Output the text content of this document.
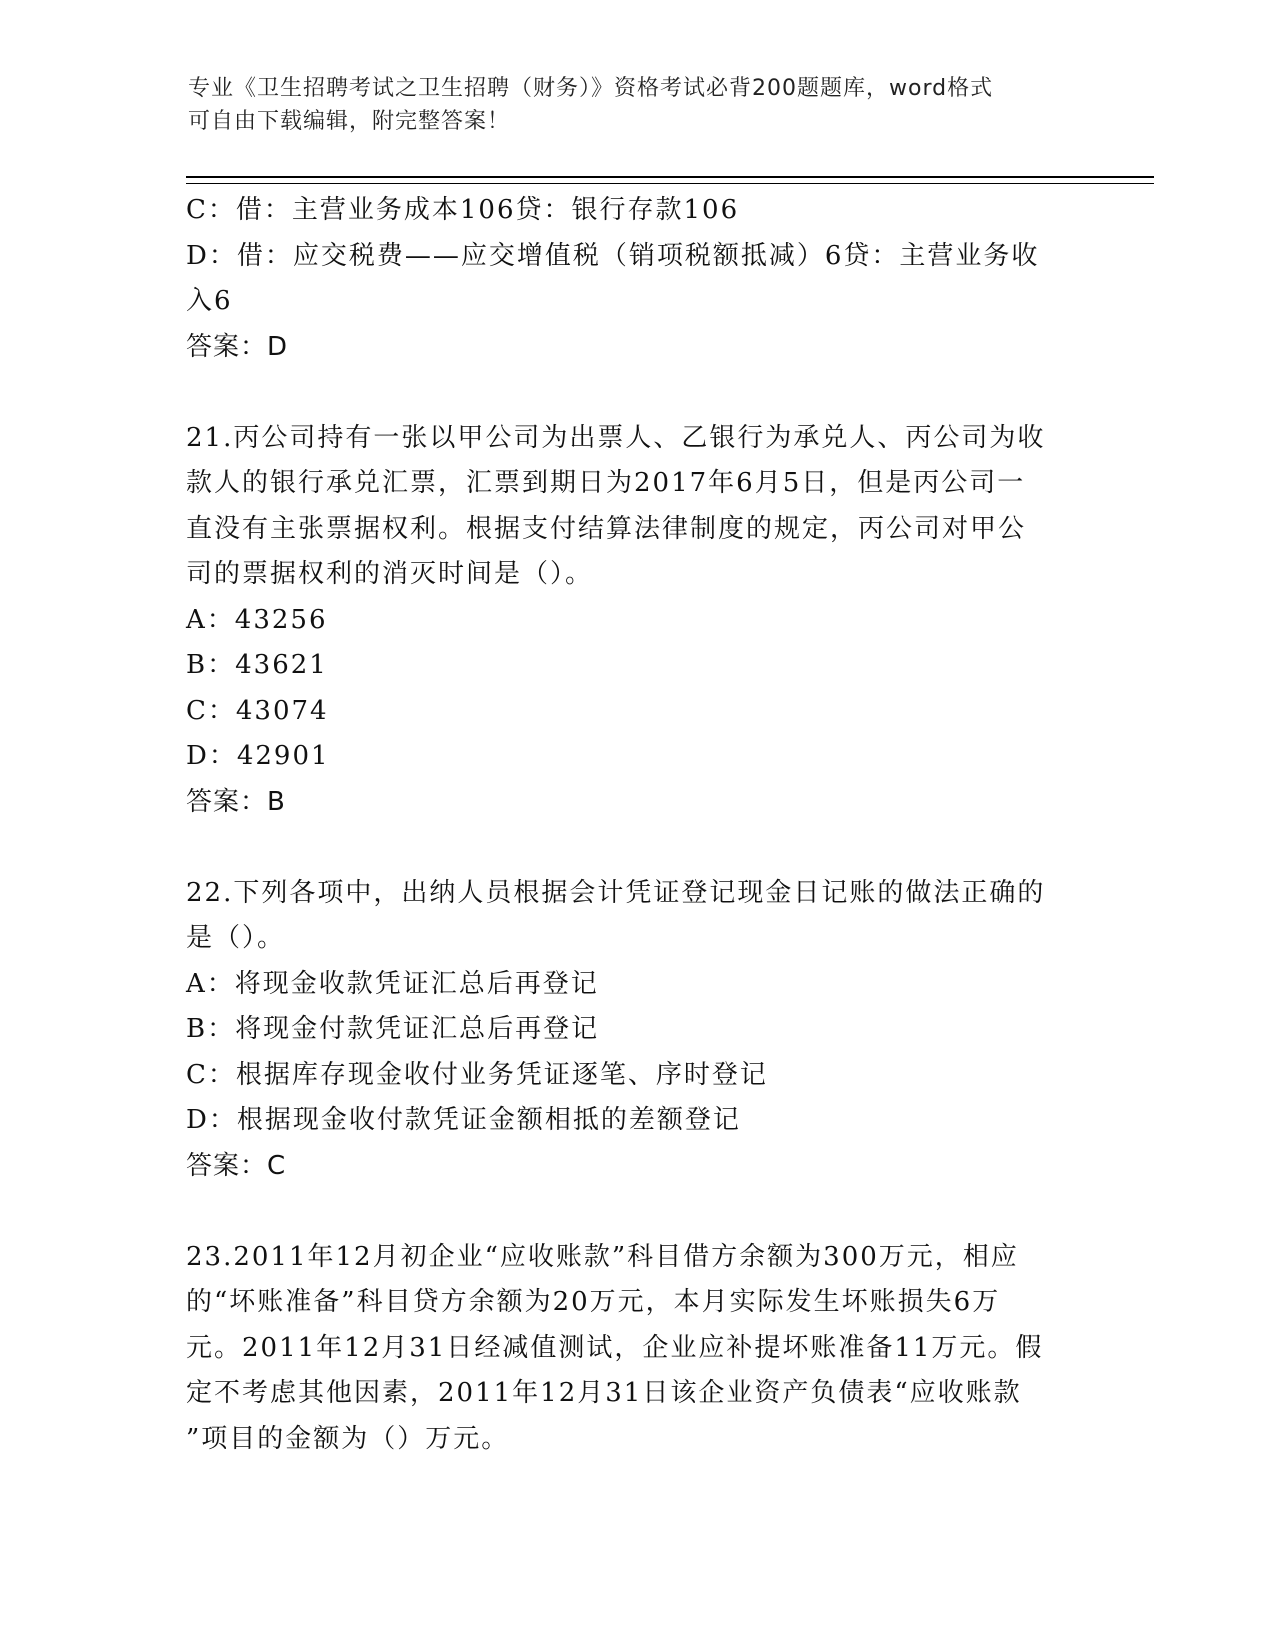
专业《卫生招聘考试之卫生招聘（财务）》资格考试必背200题题库，word格式
可自由下载编辑，附完整答案！
C：借：主营业务成本106贷：银行存款106
D：借：应交税费——应交增值税（销项税额抵减）6贷：主营业务收
入6
答案：D
21.丙公司持有一张以甲公司为出票人、乙银行为承兑人、丙公司为收
款人的银行承兑汇票，汇票到期日为2017年6月5日，但是丙公司一
直没有主张票据权利。根据支付结算法律制度的规定，丙公司对甲公
司的票据权利的消灭时间是（）。
A：43256
B：43621
C：43074
D：42901
答案：B
22.下列各项中，出纳人员根据会计凭证登记现金日记账的做法正确的
是（）。
A：将现金收款凭证汇总后再登记
B：将现金付款凭证汇总后再登记
C：根据库存现金收付业务凭证逐笔、序时登记
D：根据现金收付款凭证金额相抵的差额登记
答案：C
23.2011年12月初企业“应收账款”科目借方余额为300万元，相应
的“坏账准备”科目贷方余额为20万元，本月实际发生坏账损失6万
元。2011年12月31日经减值测试，企业应补提坏账准备11万元。假
定不考虑其他因素，2011年12月31日该企业资产负债表“应收账款
”项目的金额为（）万元。
